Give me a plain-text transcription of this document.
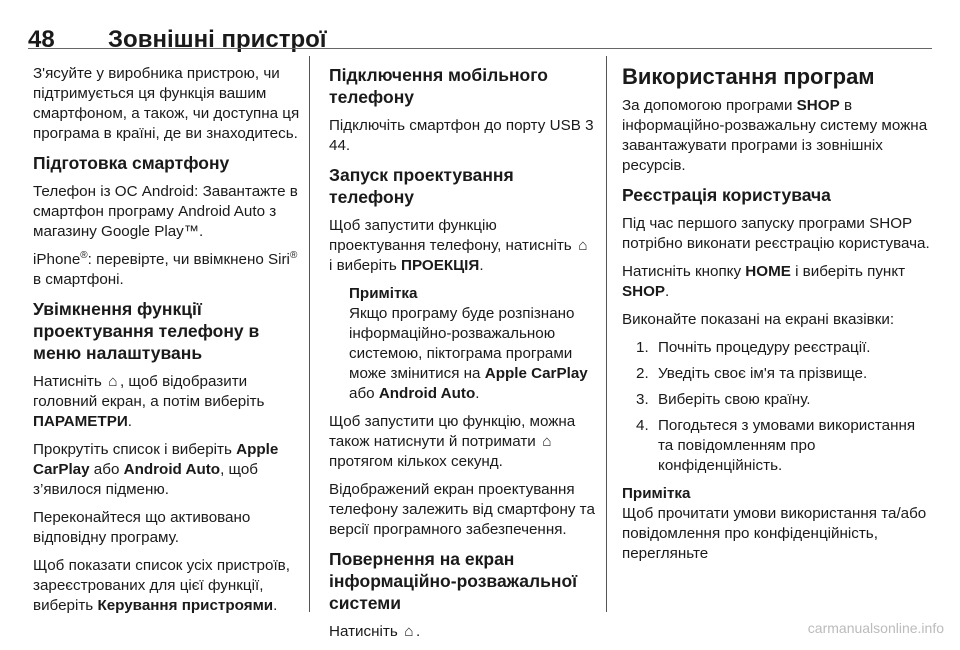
48 Зовнішні пристрої

З'ясуйте у виробника пристрою, чи підтримується ця функція вашим смартфоном, а також, чи доступна ця програма в країні, де ви знаходитесь.

Підготовка смартфону

Телефон із ОС Android: Завантажте в смартфон програму Android Auto з магазину Google Play™.

iPhone®: перевірте, чи ввімкнено Siri® в смартфоні.

Увімкнення функції проектування телефону в меню налаштувань

Натисніть ⌂ , щоб відобразити головний екран, а потім виберіть ПАРАМЕТРИ.

Прокрутіть список і виберіть Apple CarPlay або Android Auto, щоб з’явилося підменю.

Переконайтеся що активовано відповідну програму.

Щоб показати список усіх пристроїв, зареєстрованих для цієї функції, виберіть Керування пристроями.

Підключення мобільного телефону

Підключіть смартфон до порту USB 3 44.

Запуск проектування телефону

Щоб запустити функцію проектування телефону, натисніть ⌂ і виберіть ПРОЕКЦІЯ.

Примітка
Якщо програму буде розпізнано інформаційно-розважальною системою, піктограма програми може змінитися на Apple CarPlay або Android Auto.

Щоб запустити цю функцію, можна також натиснути й потримати ⌂ протягом кількох секунд.

Відображений екран проектування телефону залежить від смартфону та версії програмного забезпечення.

Повернення на екран інформаційно-розважальної системи

Натисніть ⌂ .

Використання програм

За допомогою програми SHOP в інформаційно-розважальну систему можна завантажувати програми із зовнішніх ресурсів.

Реєстрація користувача

Під час першого запуску програми SHOP потрібно виконати реєстрацію користувача.

Натисніть кнопку HOME і виберіть пункт SHOP.

Виконайте показані на екрані вказівки:

1. Почніть процедуру реєстрації.
2. Уведіть своє ім'я та прізвище.
3. Виберіть свою країну.
4. Погодьтеся з умовами використання та повідомленням про конфіденційність.
Примітка
Щоб прочитати умови використання та/або повідомлення про конфіденційність, перегляньте
carmanualsonline.info
